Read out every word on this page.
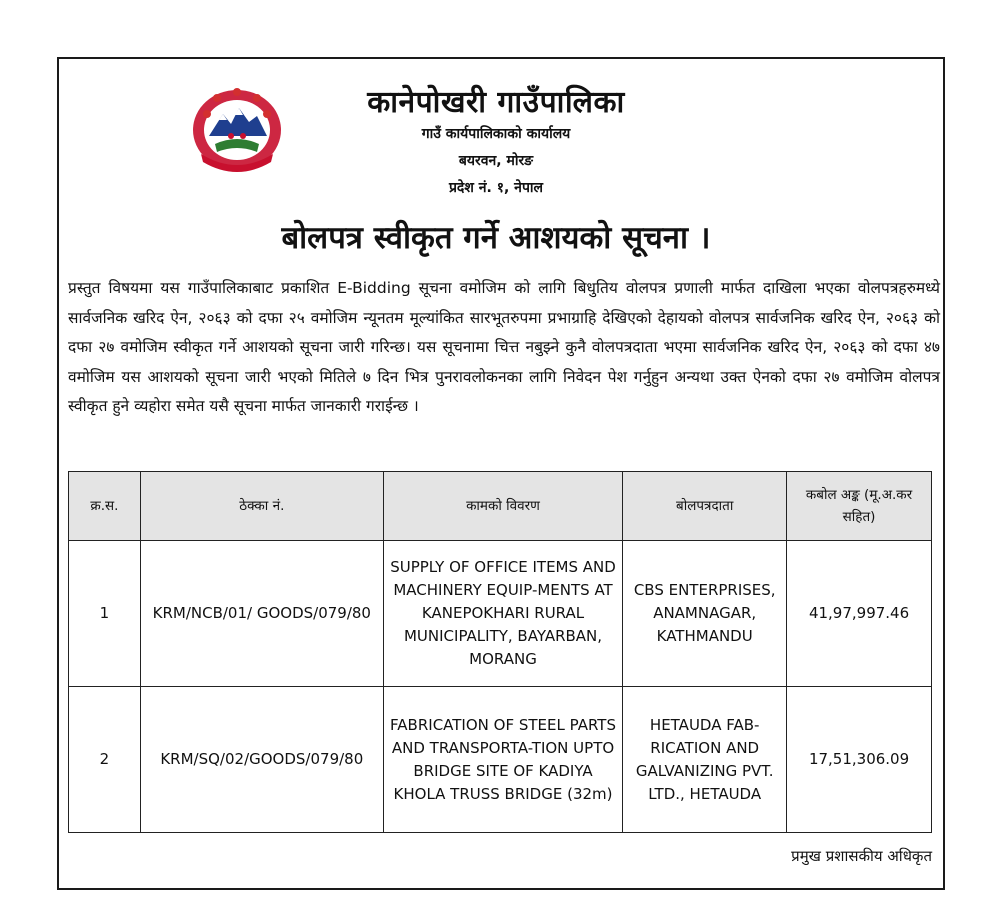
कानेपोखरी गाउँपालिका
गाउँ कार्यपालिकाको कार्यालय
बयरवन, मोरङ
प्रदेश नं. १, नेपाल
बोलपत्र स्वीकृत गर्ने आशयको सूचना ।
प्रस्तुत विषयमा यस गाउँपालिकाबाट प्रकाशित E-Bidding सूचना वमोजिम को लागि बिधुतिय वोलपत्र प्रणाली मार्फत दाखिला भएका वोलपत्रहरुमध्ये सार्वजनिक खरिद ऐन, २०६३ को दफा २५ वमोजिम न्यूनतम मूल्यांकित सारभूतरुपमा प्रभाग्राहि देखिएको देहायको वोलपत्र सार्वजनिक खरिद ऐन, २०६३ को दफा २७ वमोजिम स्वीकृत गर्ने आशयको सूचना जारी गरिन्छ। यस सूचनामा चित्त नबुझ्ने कुनै वोलपत्रदाता भएमा सार्वजनिक खरिद ऐन, २०६३ को दफा ४७ वमोजिम यस आशयको सूचना जारी भएको मितिले ७ दिन भित्र पुनरावलोकनका लागि निवेदन पेश गर्नुहुन अन्यथा उक्त ऐनको दफा २७ वमोजिम वोलपत्र स्वीकृत हुने व्यहोरा समेत यसै सूचना मार्फत जानकारी गराईन्छ ।
क्र.स.	ठेक्का नं.	कामको विवरण	बोलपत्रदाता	कबोल अङ्क (मू.अ.कर सहित)
1	KRM/NCB/01/ GOODS/079/80	SUPPLY OF OFFICE ITEMS AND MACHINERY EQUIP-MENTS AT KANEPOKHARI RURAL MUNICIPALITY, BAYARBAN, MORANG	CBS ENTERPRISES, ANAMNAGAR, KATHMANDU	41,97,997.46
2	KRM/SQ/02/GOODS/079/80	FABRICATION OF STEEL PARTS AND TRANSPORTA-TION UPTO BRIDGE SITE OF KADIYA KHOLA TRUSS BRIDGE (32m)	HETAUDA FAB-RICATION AND GALVANIZING PVT. LTD., HETAUDA	17,51,306.09
प्रमुख प्रशासकीय अधिकृत
